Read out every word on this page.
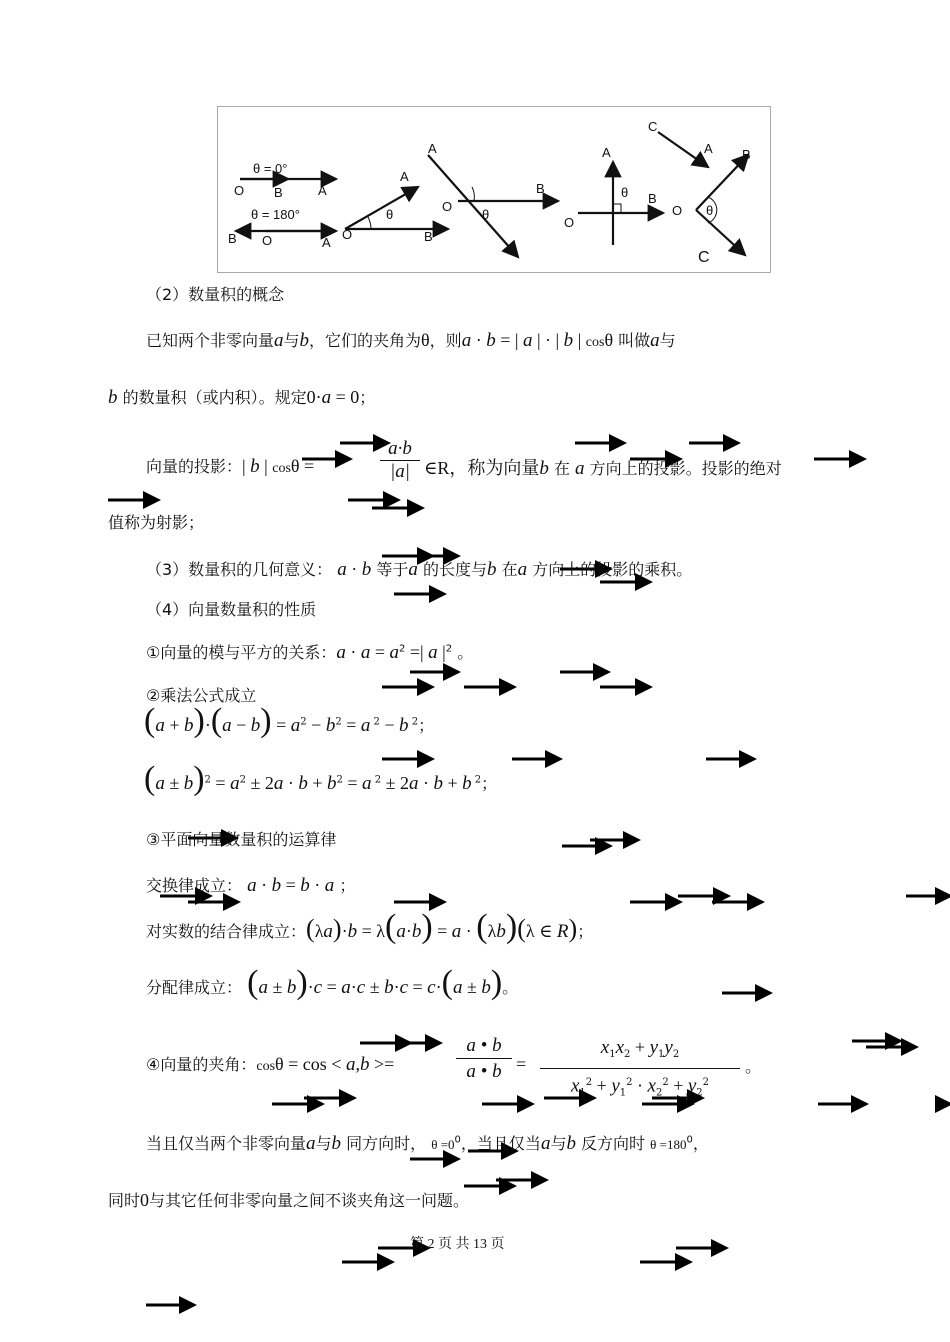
θ = 0°
O B	A
θ = 180°
B O	A
O
A
θ
B
A
O
θ
B
A
θ B
O
C
A B
O θ
C
（2）数量积的概念
已知两个非零向量a与b，它们的夹角为θ，则a · b = | a | · | b | cosθ 叫做a与
b 的数量积（或内积）。规定0·a = 0；
向量的投影：| b | cosθ =
a·b
|a| ∈R，称为向量b 在 a 方向上的投影。投影的绝对
值称为射影；
（3）数量积的几何意义： a · b 等于a 的长度与b 在a 方向上的投影的乘积。
（4）向量数量积的性质
①向量的模与平方的关系：$a \cdot a = a^2$ =| a $|^2$ 。
②乘法公式成立
$(a + b)\cdot(a - b) = a^2 - b^2 = a$ $^2$ − b $^2$；
$(a \pm b)^2 = a^2 \pm 2a \cdot b + b^2 = a$ $^2$ ± 2a · b + b $^2$；
③平面向量数量积的运算律
交换律成立： a · b = b · a ；
对实数的结合律成立：(λa)·b = λ(a·b) = a · (λb)(λ ∈ R)；
分配律成立： (a ± b)·c = a·c ± b·c = c·(a ± b)。
④向量的夹角：cosθ = cos < a,b >=
a • b
a • b =
$x_1x_2 + y_1y_2$
$x_1^2 + y_1^2 \cdot x_2^2 + y_2^2$
。
当且仅当两个非零向量a与b 同方向时， $\theta =0^0$，当且仅当a与b 反方向时 $\theta =180^0$，
同时0与其它任何非零向量之间不谈夹角这一问题。
第 2 页 共 13 页
